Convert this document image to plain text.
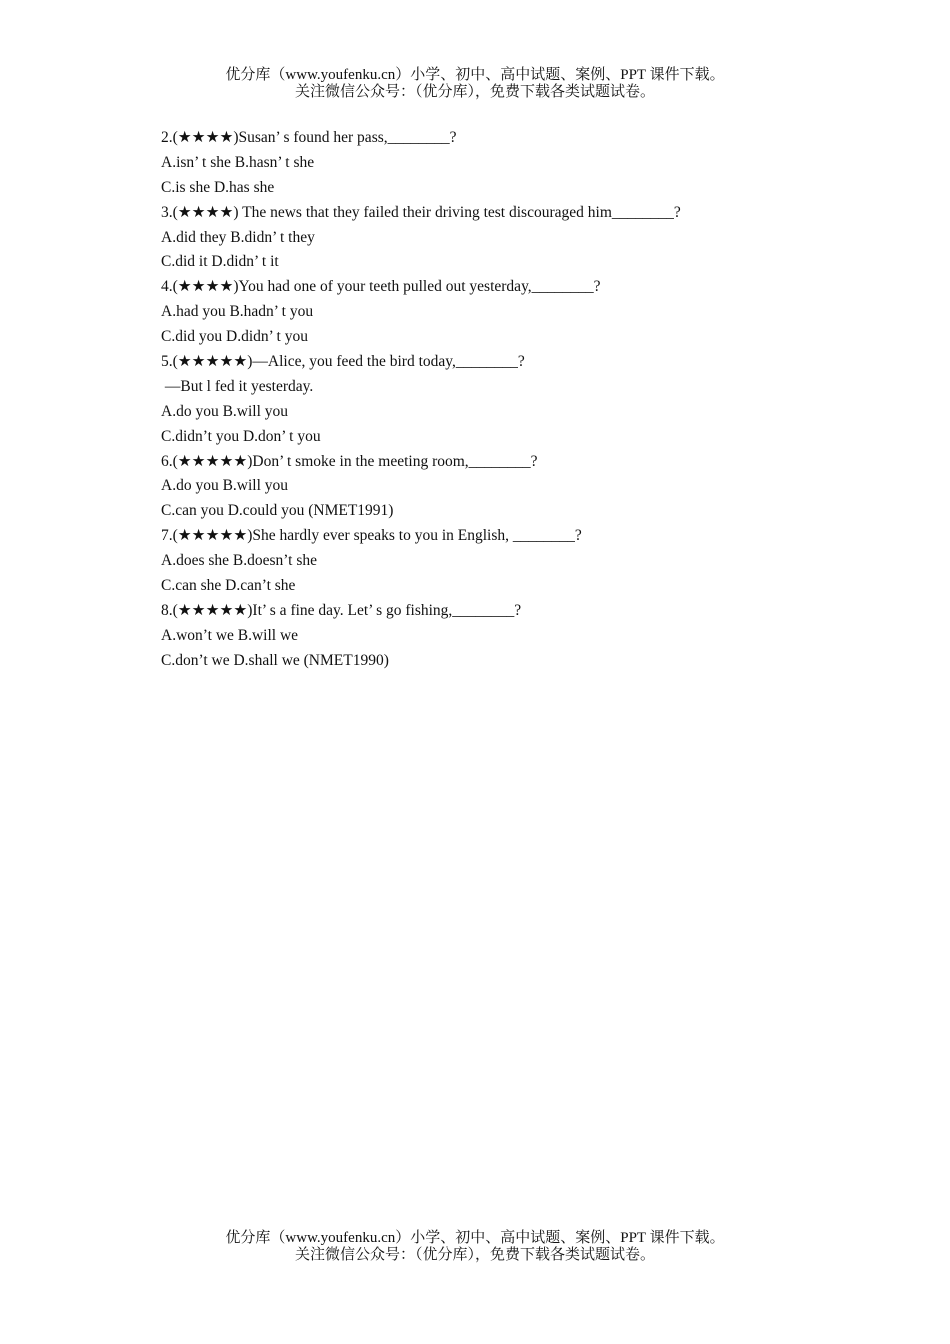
优分库（www.youfenku.cn）小学、初中、高中试题、案例、PPT 课件下载。
关注微信公众号：（优分库），免费下载各类试题试卷。
2.(★★★★)Susan’ s found her pass,________?
A.isn’ t she B.hasn’ t she
C.is she D.has she
3.(★★★★) The news that they failed their driving test discouraged him________?
A.did they B.didn’ t they
C.did it D.didn’ t it
4.(★★★★)You had one of your teeth pulled out yesterday,________?
A.had you B.hadn’ t you
C.did you D.didn’ t you
5.(★★★★★)—Alice, you feed the bird today,________?
—But l fed it yesterday.
A.do you B.will you
C.didn’t you D.don’ t you
6.(★★★★★)Don’ t smoke in the meeting room,________?
A.do you B.will you
C.can you D.could you (NMET1991)
7.(★★★★★)She hardly ever speaks to you in English, ________?
A.does she B.doesn’t she
C.can she D.can’t she
8.(★★★★★)It’ s a fine day. Let’ s go fishing,________?
A.won’t we B.will we
C.don’t we D.shall we (NMET1990)
优分库（www.youfenku.cn）小学、初中、高中试题、案例、PPT 课件下载。
关注微信公众号：（优分库），免费下载各类试题试卷。
